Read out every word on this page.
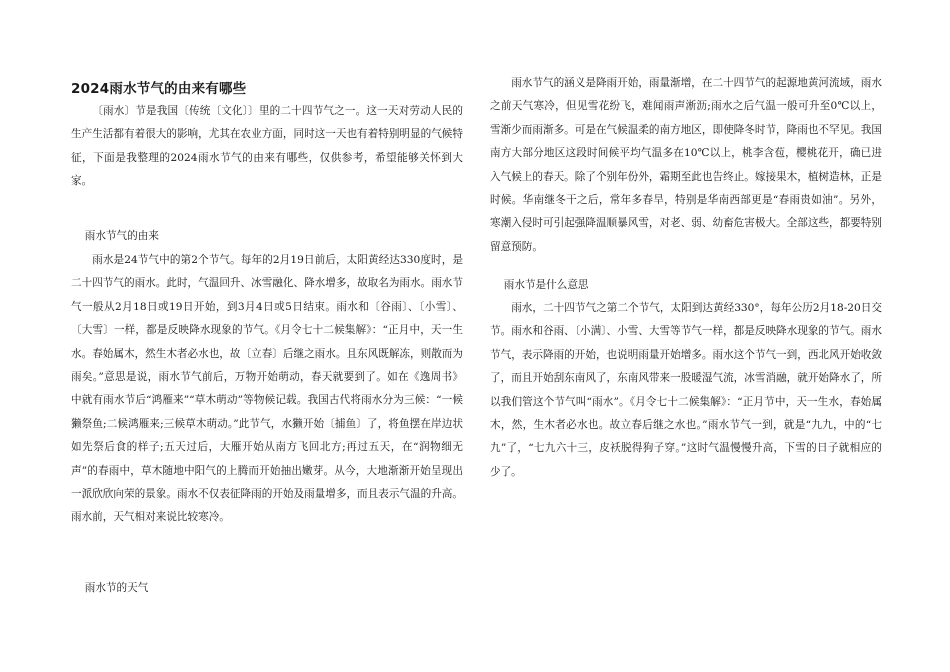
2024雨水节气的由来有哪些

〔雨水〕节是我国〔传统〔文化〕〕里的二十四节气之一。这一天对劳动人民的生产生活都有着很大的影响，尤其在农业方面，同时这一天也有着特别明显的气候特征，下面是我整理的2024雨水节气的由来有哪些，仅供参考，希望能够关怀到大家。

雨水节气的由来

雨水是24节气中的第2个节气。每年的2月19日前后，太阳黄经达330度时，是二十四节气的雨水。此时，气温回升、冰雪融化、降水增多，故取名为雨水。雨水节气一般从2月18日或19日开始，到3月4日或5日结束。雨水和〔谷雨〕、〔小雪〕、〔大雪〕一样，都是反映降水现象的节气。《月令七十二候集解》：“正月中，天一生水。春始属木，然生木者必水也，故〔立春〕后继之雨水。且东风既解冻，则散而为雨矣。”意思是说，雨水节气前后，万物开始萌动，春天就要到了。如在《逸周书》中就有雨水节后“鸿雁来”“草木萌动”等物候记载。我国古代将雨水分为三候：“一候獭祭鱼;二候鸿雁来;三候草木萌动。”此节气，水獭开始〔捕鱼〕了，将鱼摆在岸边状如先祭后食的样子;五天过后，大雁开始从南方飞回北方;再过五天，在“润物细无声”的春雨中，草木随地中阳气的上腾而开始抽出嫩芽。从今，大地渐渐开始呈现出一派欣欣向荣的景象。雨水不仅表征降雨的开始及雨量增多，而且表示气温的升高。雨水前，天气相对来说比较寒冷。

雨水节的天气

雨水节气的涵义是降雨开始，雨量渐增，在二十四节气的起源地黄河流域，雨水之前天气寒冷，但见雪花纷飞，难闻雨声淅沥;雨水之后气温一般可升至0℃以上，雪渐少而雨渐多。可是在气候温柔的南方地区，即使降冬时节，降雨也不罕见。我国南方大部分地区这段时间候平均气温多在10℃以上，桃李含苞，樱桃花开，确已进入气候上的春天。除了个别年份外，霜期至此也告终止。嫁接果木，植树造林，正是时候。华南继冬干之后，常年多春旱，特别是华南西部更是“春雨贵如油”。另外，寒潮入侵时可引起强降温顺暴风雪，对老、弱、幼畜危害极大。全部这些，都要特别留意预防。

雨水节是什么意思

雨水，二十四节气之第二个节气，太阳到达黄经330°，每年公历2月18-20日交节。雨水和谷雨、〔小满〕、小雪、大雪等节气一样，都是反映降水现象的节气。雨水节气，表示降雨的开始，也说明雨量开始增多。雨水这个节气一到，西北风开始收敛了，而且开始刮东南风了，东南风带来一股暖湿气流，冰雪消融，就开始降水了，所以我们管这个节气叫“雨水”。《月令七十二候集解》：“正月节中，天一生水，春始属木，然，生木者必水也。故立春后继之水也。”雨水节气一到，就是“九九，中的“七九”了，“七九六十三，皮袄脱得狗子穿。”这时气温慢慢升高，下雪的日子就相应的少了。
